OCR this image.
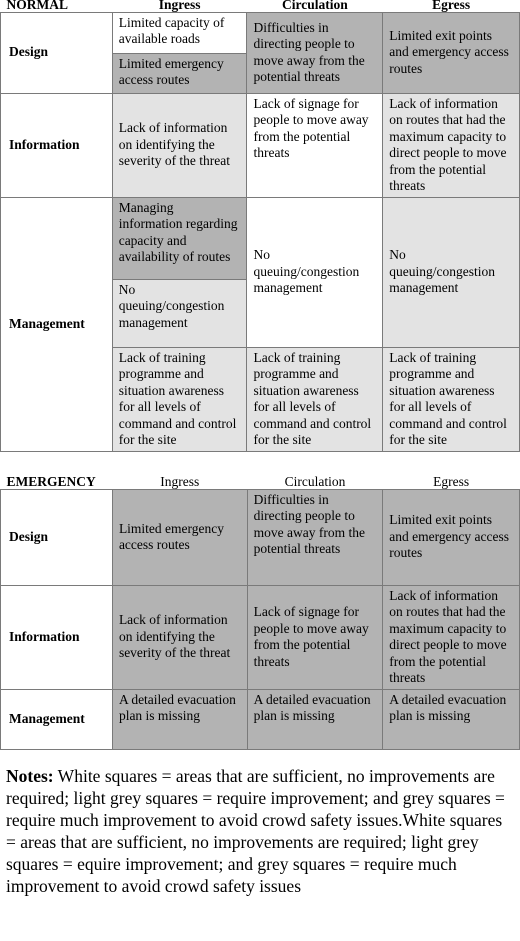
NORMAL	Ingress	Circulation	Egress
Design	Limited capacity of available roads	Difficulties in directing people to move away from the potential threats	Limited exit points and emergency access routes
	Limited emergency access routes		
Information	Lack of information on identifying the severity of the threat	Lack of signage for people to move away from the potential threats	Lack of information on routes that had the maximum capacity to direct people to move from the potential threats
Management	Managing information regarding capacity and availability of routes	No queuing/congestion management	No queuing/congestion management
	No queuing/congestion management		
	Lack of training programme and situation awareness for all levels of command and control for the site	Lack of training programme and situation awareness for all levels of command and control for the site	Lack of training programme and situation awareness for all levels of command and control for the site
EMERGENCY	Ingress	Circulation	Egress
Design	Limited emergency access routes	Difficulties in directing people to move away from the potential threats	Limited exit points and emergency access routes
Information	Lack of information on identifying the severity of the threat	Lack of signage for people to move away from the potential threats	Lack of information on routes that had the maximum capacity to direct people to move from the potential threats
Management	A detailed evacuation plan is missing	A detailed evacuation plan is missing	A detailed evacuation plan is missing
Notes: White squares = areas that are sufficient, no improvements are required; light grey squares = require improvement; and grey squares = require much improvement to avoid crowd safety issues.White squares = areas that are sufficient, no improvements are required; light grey squares = equire improvement; and grey squares = require much improvement to avoid crowd safety issues
